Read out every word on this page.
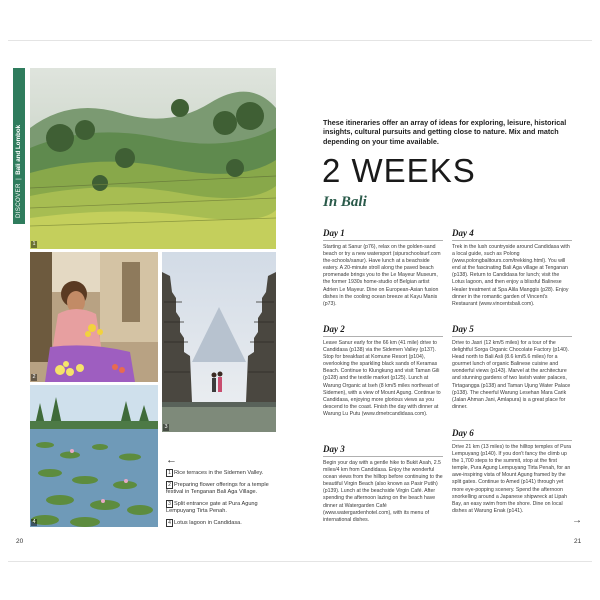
DISCOVER  |  Bali and Lombok
1
2
3
4
←
1 Rice terraces in the Sidemen Valley.
2 Preparing flower offerings for a temple festival in Tenganan Bali Aga Village.
3 Split entrance gate at Pura Agung Lempuyang Tirta Penah.
4 Lotus lagoon in Candidasa.
20	21
These itineraries offer an array of ideas for exploring, leisure, historical insights, cultural pursuits and getting close to nature. Mix and match depending on your time available.
2 WEEKS
In Bali
Day 1
Starting at Sanur (p76), relax on the golden-sand beach or try a new watersport (sipurschoolsurf.com the-schools/sanur). Have lunch at a beachside eatery. A 20-minute stroll along the paved beach promenade brings you to the Le Mayeur Museum, the former 1930s home-studio of Belgian artist Adrien Le Mayeur. Dine on European-Asian fusion dishes in the cooling ocean breeze at Kayu Manis (p73).
Day 2
Leave Sanur early for the 66 km (41 mile) drive to Candidasa (p138) via the Sidemen Valley (p137). Stop for breakfast at Komune Resort (p104), overlooking the sparkling black sands of Keramas Beach. Continue to Klungkung and visit Taman Gili (p128) and the textile market (p125). Lunch at Warung Organic at Iseh (8 km/5 miles northeast of Sidemen), with a view of Mount Agung. Continue to Candidasa, enjoying more glorious views as you descend to the coast. Finish the day with dinner at Warung Lu Putu (www.drnetrcandidasa.com).
Day 3
Begin your day with a gentle hike to Bukit Asah, 2.5 miles/4 km from Candidasa. Enjoy the wonderful ocean views from the hilltop before continuing to the beautiful Virgin Beach (also known as Pasir Putih) (p139). Lunch at the beachside Virgin Café. After spending the afternoon lazing on the beach have dinner at Watergarden Café (www.watergardenhotel.com), with its menu of international dishes.
Day 4
Trek in the lush countryside around Candidasa with a local guide, such as Polong (www.polongbalitours.com/trekking.html). You will end at the fascinating Bali Aga village at Tenganan (p138). Return to Candidasa for lunch; visit the Lotus lagoon, and then enjoy a blissful Balinese Healer treatment at Spa Alila Manggis (p28). Enjoy dinner in the romantic garden of Vincent's Restaurant (www.vincentsbali.com).
Day 5
Drive to Jasri (12 km/5 miles) for a tour of the delightful Sorga Organic Chocolate Factory (p140). Head north to Bali Asli (8.6 km/5.6 miles) for a gourmet lunch of organic Balinese cuisine and wonderful views (p143). Marvel at the architecture and stunning gardens of two lavish water palaces, Tirtagangga (p138) and Taman Ujung Water Palace (p138). The cheerful Warung Lesehan Mara Carik (Jalan Ahman Jani, Amlapura) is a great place for dinner.
Day 6
Drive 21 km (13 miles) to the hilltop temples of Pura Lempuyang (p140). If you don't fancy the climb up the 1,700 steps to the summit, stop at the first temple, Pura Agung Lempuyang Tirta Penah, for an awe-inspiring vista of Mount Agung framed by the split gates. Continue to Amed (p141) through yet more eye-popping scenery. Spend the afternoon snorkelling around a Japanese shipwreck at Lipah Bay, an easy swim from the shore. Dine on local dishes at Warung Enak (p141).
→
